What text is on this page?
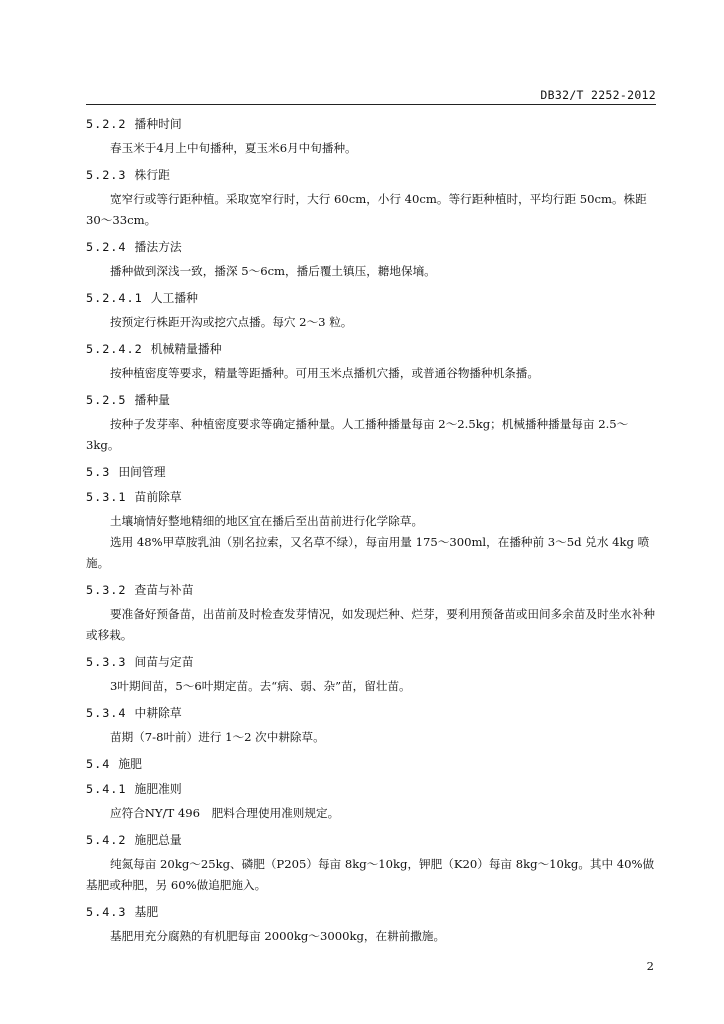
DB32/T 2252-2012
5.2.2 播种时间

春玉米于4月上中旬播种，夏玉米6月中旬播种。

5.2.3 株行距

宽窄行或等行距种植。采取宽窄行时，大行 60cm，小行 40cm。等行距种植时，平均行距 50cm。株距 30～33cm。

5.2.4 播法方法

播种做到深浅一致，播深 5～6cm，播后覆土镇压，耱地保墒。

5.2.4.1 人工播种

按预定行株距开沟或挖穴点播。每穴 2～3 粒。

5.2.4.2 机械精量播种

按种植密度等要求，精量等距播种。可用玉米点播机穴播，或普通谷物播种机条播。

5.2.5 播种量

按种子发芽率、种植密度要求等确定播种量。人工播种播量每亩 2～2.5kg；机械播种播量每亩 2.5～3kg。

5.3 田间管理
5.3.1 苗前除草

土壤墒情好整地精细的地区宜在播后至出苗前进行化学除草。

选用 48%甲草胺乳油（别名拉索，又名草不绿），每亩用量 175～300ml，在播种前 3～5d 兑水 4kg 喷施。

5.3.2 查苗与补苗

要准备好预备苗，出苗前及时检查发芽情况，如发现烂种、烂芽，要利用预备苗或田间多余苗及时坐水补种或移栽。

5.3.3 间苗与定苗

3叶期间苗，5～6叶期定苗。去“病、弱、杂”苗，留壮苗。

5.3.4 中耕除草

苗期（7-8叶前）进行 1～2 次中耕除草。

5.4 施肥
5.4.1 施肥准则

应符合NY/T 496　肥料合理使用准则规定。

5.4.2 施肥总量

纯氮每亩 20kg～25kg、磷肥（P205）每亩 8kg～10kg，钾肥（K20）每亩 8kg～10kg。其中 40%做基肥或种肥，另 60%做追肥施入。

5.4.3 基肥

基肥用充分腐熟的有机肥每亩 2000kg～3000kg，在耕前撒施。

2
